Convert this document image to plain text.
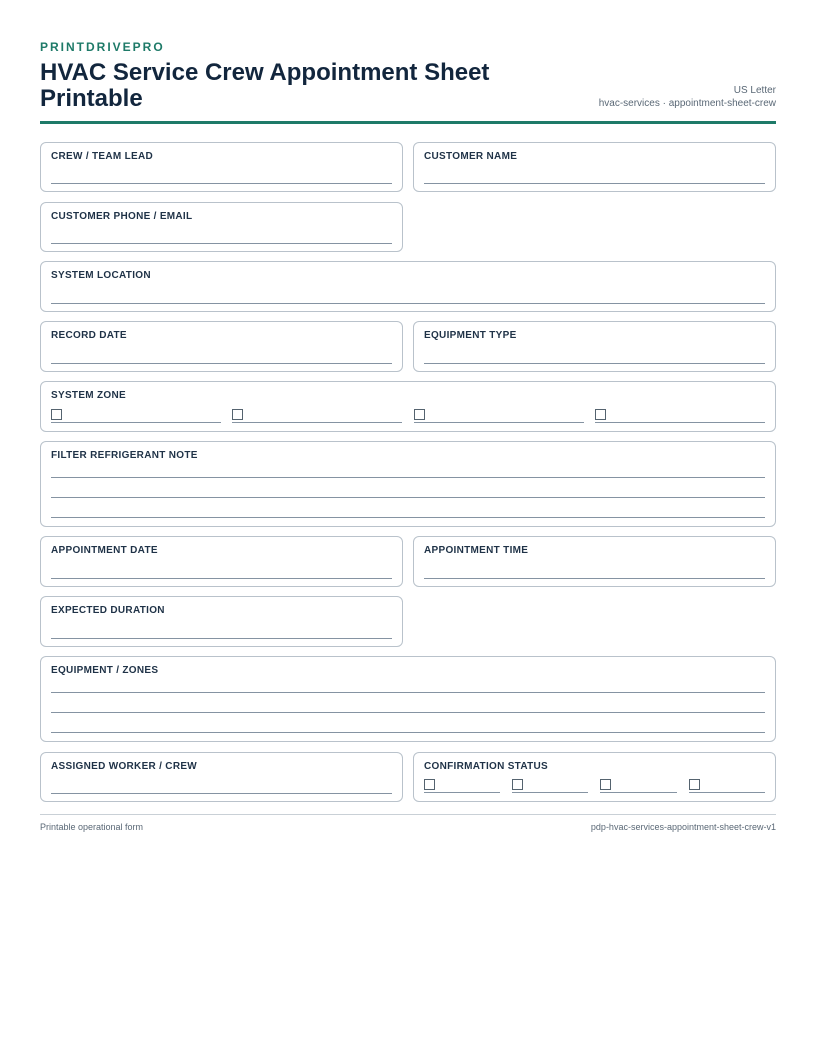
PRINTDRIVEPRO

HVAC Service Crew Appointment Sheet Printable	US Letter
hvac-services · appointment-sheet-crew
CREW / TEAM LEAD	CUSTOMER NAME
CUSTOMER PHONE / EMAIL
SYSTEM LOCATION
RECORD DATE	EQUIPMENT TYPE
SYSTEM ZONE
FILTER REFRIGERANT NOTE
APPOINTMENT DATE	APPOINTMENT TIME
EXPECTED DURATION
EQUIPMENT / ZONES
ASSIGNED WORKER / CREW	CONFIRMATION STATUS
Printable operational form	pdp-hvac-services-appointment-sheet-crew-v1
